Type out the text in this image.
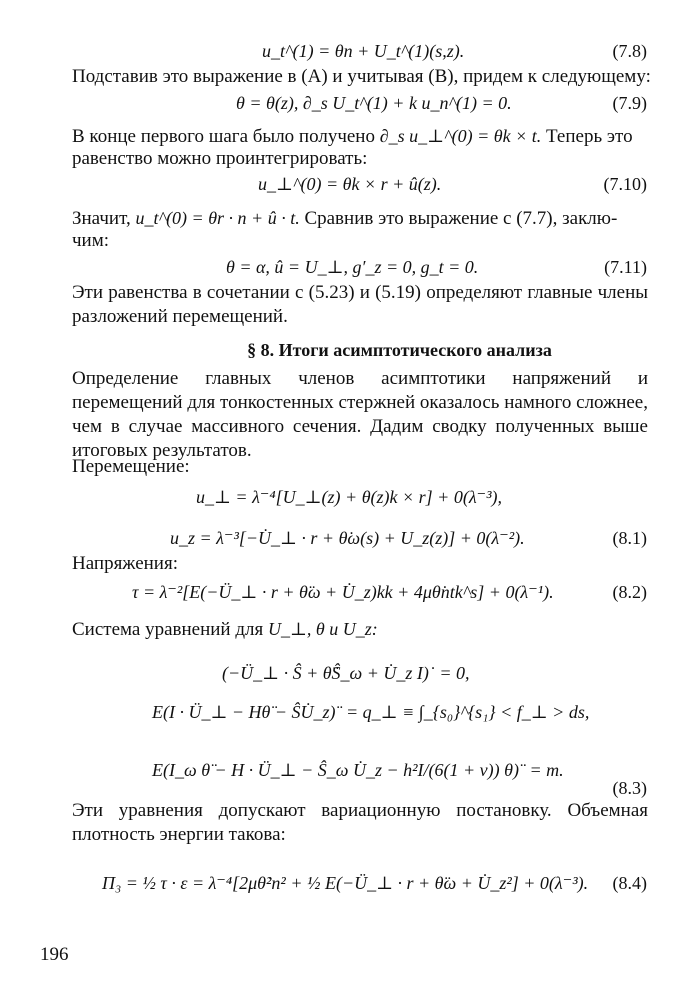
u_t^(1) = θn + U_t^(1)(s,z).	(7.8)
Подставив это выражение в (A) и учитывая (B), придем к следующему:
θ = θ(z), ∂_s U_t^(1) + k u_n^(1) = 0.	(7.9)
В конце первого шага было получено ∂_s u_⊥^(0) = θk × t. Теперь это
равенство можно проинтегрировать:
u_⊥^(0) = θk × r + û(z).	(7.10)
Значит, u_t^(0) = θr · n + û · t. Сравнив это выражение с (7.7), заклю-
чим:
θ = α, û = U_⊥, g′_z = 0, g_t = 0.	(7.11)
Эти равенства в сочетании с (5.23) и (5.19) определяют главные члены разложений перемещений.
§ 8. Итоги асимптотического анализа
Определение главных членов асимптотики напряжений и перемещений для тонкостенных стержней оказалось намного сложнее, чем в случае массивного сечения. Дадим сводку полученных выше итоговых результатов.
Перемещение:
u_⊥ = λ⁻⁴[U_⊥(z) + θ(z)k × r] + 0(λ⁻³),
u_z = λ⁻³[−U̇_⊥ · r + θ̇ω(s) + U_z(z)] + 0(λ⁻²).	(8.1)
Напряжения:
τ = λ⁻²[E(−Ü_⊥ · r + θ̈ω + U̇_z)kk + 4μθ̇ntk^s] + 0(λ⁻¹).	(8.2)
Система уравнений для U_⊥, θ и U_z:
(−Ü_⊥ · Ŝ + θ̈Ŝ_ω + U̇_z I)˙ = 0,
E(I · Ü_⊥ − Hθ̈ − ŜU̇_z)¨ = q_⊥ ≡ ∫_{s₀}^{s₁} < f_⊥ > ds,
E(I_ω θ̈ − H · Ü_⊥ − Ŝ_ω U̇_z − h²I/(6(1 + ν)) θ)¨ = m.
(8.3)
Эти уравнения допускают вариационную постановку. Объемная плотность энергии такова:
Π₃ = ½ τ · ε = λ⁻⁴[2μθ̇²n² + ½ E(−Ü_⊥ · r + θ̈ω + U̇_z²] + 0(λ⁻³). (8.4)
196
